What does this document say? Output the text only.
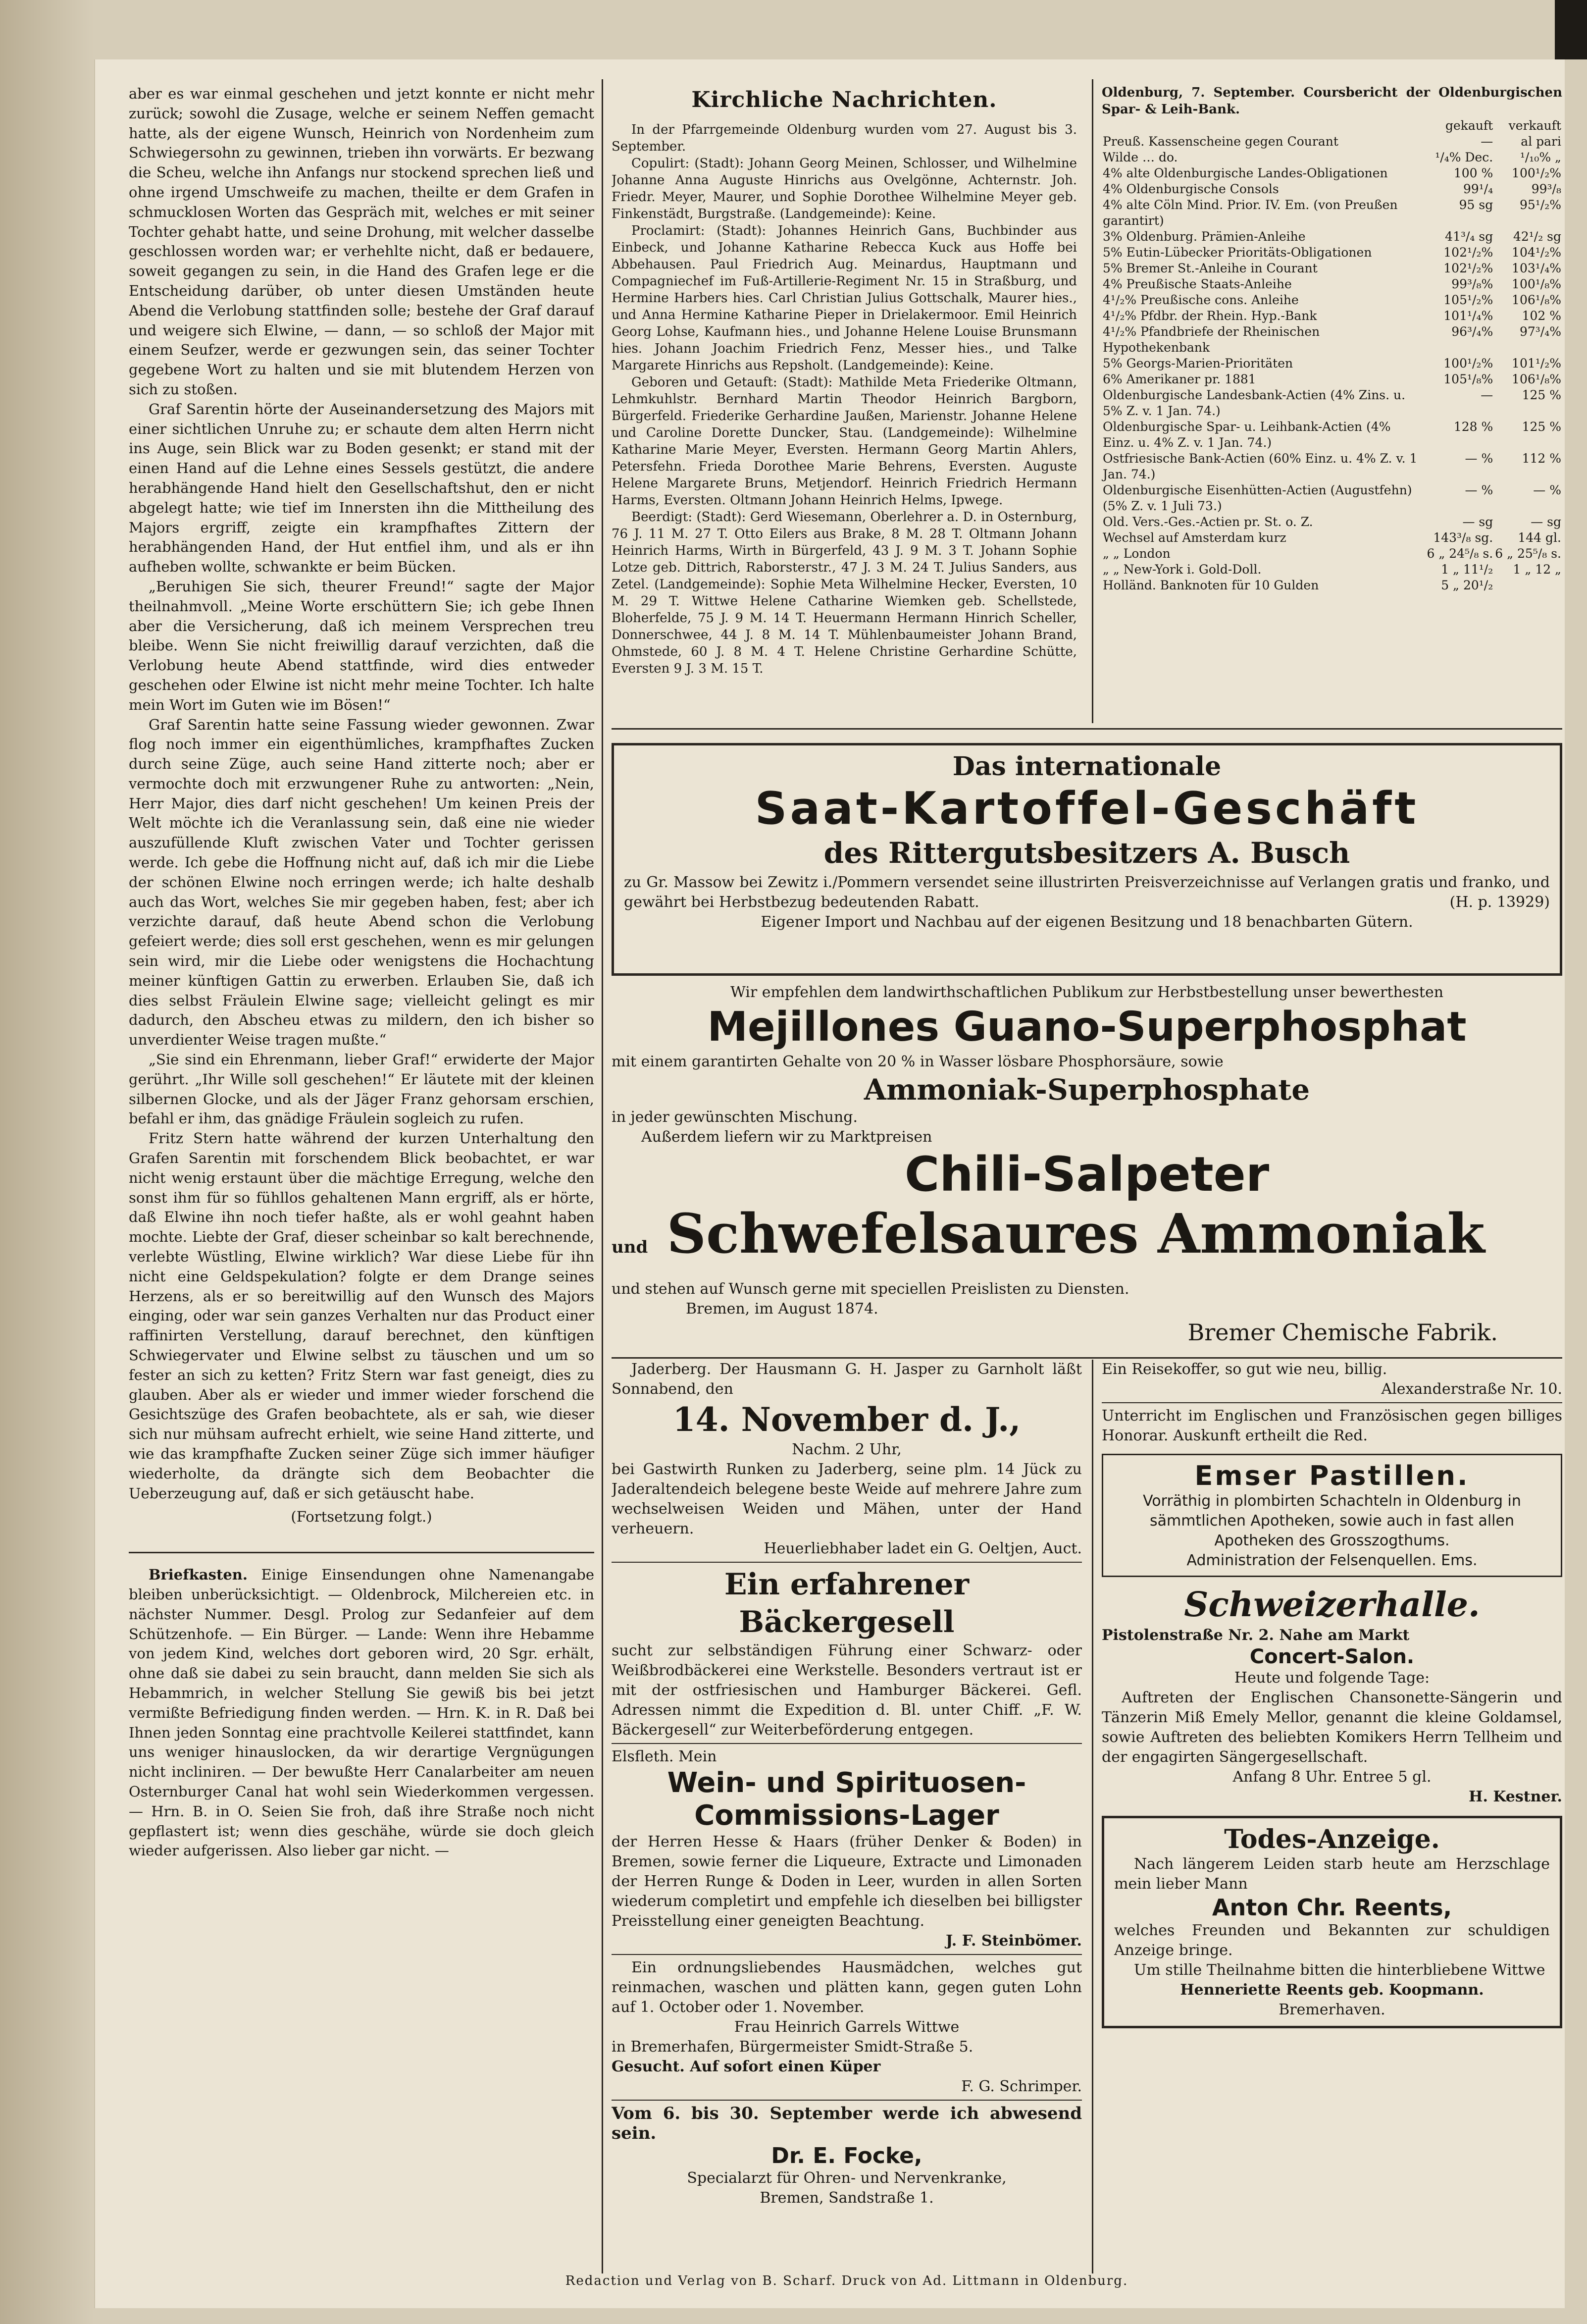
aber es war einmal geschehen und jetzt konnte er nicht mehr zurück; sowohl die Zusage, welche er seinem Neffen gemacht hatte, als der eigene Wunsch, Heinrich von Nordenheim zum Schwiegersohn zu gewinnen, trieben ihn vorwärts. Er bezwang die Scheu, welche ihn Anfangs nur stockend sprechen ließ und ohne irgend Umschweife zu machen, theilte er dem Grafen in schmucklosen Worten das Gespräch mit, welches er mit seiner Tochter gehabt hatte, und seine Drohung, mit welcher dasselbe geschlossen worden war; er verhehlte nicht, daß er bedauere, soweit gegangen zu sein, in die Hand des Grafen lege er die Entscheidung darüber, ob unter diesen Umständen heute Abend die Verlobung stattfinden solle; bestehe der Graf darauf und weigere sich Elwine, — dann, — so schloß der Major mit einem Seufzer, werde er gezwungen sein, das seiner Tochter gegebene Wort zu halten und sie mit blutendem Herzen von sich zu stoßen.

Graf Sarentin hörte der Auseinandersetzung des Majors mit einer sichtlichen Unruhe zu; er schaute dem alten Herrn nicht ins Auge, sein Blick war zu Boden gesenkt; er stand mit der einen Hand auf die Lehne eines Sessels gestützt, die andere herabhängende Hand hielt den Gesellschaftshut, den er nicht abgelegt hatte; wie tief im Innersten ihn die Mittheilung des Majors ergriff, zeigte ein krampfhaftes Zittern der herabhängenden Hand, der Hut entfiel ihm, und als er ihn aufheben wollte, schwankte er beim Bücken.

„Beruhigen Sie sich, theurer Freund!“ sagte der Major theilnahmvoll. „Meine Worte erschüttern Sie; ich gebe Ihnen aber die Versicherung, daß ich meinem Versprechen treu bleibe. Wenn Sie nicht freiwillig darauf verzichten, daß die Verlobung heute Abend stattfinde, wird dies entweder geschehen oder Elwine ist nicht mehr meine Tochter. Ich halte mein Wort im Guten wie im Bösen!“

Graf Sarentin hatte seine Fassung wieder gewonnen. Zwar flog noch immer ein eigenthümliches, krampfhaftes Zucken durch seine Züge, auch seine Hand zitterte noch; aber er vermochte doch mit erzwungener Ruhe zu antworten: „Nein, Herr Major, dies darf nicht geschehen! Um keinen Preis der Welt möchte ich die Veranlassung sein, daß eine nie wieder auszufüllende Kluft zwischen Vater und Tochter gerissen werde. Ich gebe die Hoffnung nicht auf, daß ich mir die Liebe der schönen Elwine noch erringen werde; ich halte deshalb auch das Wort, welches Sie mir gegeben haben, fest; aber ich verzichte darauf, daß heute Abend schon die Verlobung gefeiert werde; dies soll erst geschehen, wenn es mir gelungen sein wird, mir die Liebe oder wenigstens die Hochachtung meiner künftigen Gattin zu erwerben. Erlauben Sie, daß ich dies selbst Fräulein Elwine sage; vielleicht gelingt es mir dadurch, den Abscheu etwas zu mildern, den ich bisher so unverdienter Weise tragen mußte.“

„Sie sind ein Ehrenmann, lieber Graf!“ erwiderte der Major gerührt. „Ihr Wille soll geschehen!“ Er läutete mit der kleinen silbernen Glocke, und als der Jäger Franz gehorsam erschien, befahl er ihm, das gnädige Fräulein sogleich zu rufen.

Fritz Stern hatte während der kurzen Unterhaltung den Grafen Sarentin mit forschendem Blick beobachtet, er war nicht wenig erstaunt über die mächtige Erregung, welche den sonst ihm für so fühllos gehaltenen Mann ergriff, als er hörte, daß Elwine ihn noch tiefer haßte, als er wohl geahnt haben mochte. Liebte der Graf, dieser scheinbar so kalt berechnende, verlebte Wüstling, Elwine wirklich? War diese Liebe für ihn nicht eine Geldspekulation? folgte er dem Drange seines Herzens, als er so bereitwillig auf den Wunsch des Majors einging, oder war sein ganzes Verhalten nur das Product einer raffinirten Verstellung, darauf berechnet, den künftigen Schwiegervater und Elwine selbst zu täuschen und um so fester an sich zu ketten? Fritz Stern war fast geneigt, dies zu glauben. Aber als er wieder und immer wieder forschend die Gesichtszüge des Grafen beobachtete, als er sah, wie dieser sich nur mühsam aufrecht erhielt, wie seine Hand zitterte, und wie das krampfhafte Zucken seiner Züge sich immer häufiger wiederholte, da drängte sich dem Beobachter die Ueberzeugung auf, daß er sich getäuscht habe.

(Fortsetzung folgt.)

Briefkasten. Einige Einsendungen ohne Namenangabe bleiben unberücksichtigt. — Oldenbrock, Milchereien etc. in nächster Nummer. Desgl. Prolog zur Sedanfeier auf dem Schützenhofe. — Ein Bürger. — Lande: Wenn ihre Hebamme von jedem Kind, welches dort geboren wird, 20 Sgr. erhält, ohne daß sie dabei zu sein braucht, dann melden Sie sich als Hebammrich, in welcher Stellung Sie gewiß bis bei jetzt vermißte Befriedigung finden werden. — Hrn. K. in R. Daß bei Ihnen jeden Sonntag eine prachtvolle Keilerei stattfindet, kann uns weniger hinauslocken, da wir derartige Vergnügungen nicht incliniren. — Der bewußte Herr Canalarbeiter am neuen Osternburger Canal hat wohl sein Wiederkommen vergessen. — Hrn. B. in O. Seien Sie froh, daß ihre Straße noch nicht gepflastert ist; wenn dies geschähe, würde sie doch gleich wieder aufgerissen. Also lieber gar nicht. —

Kirchliche Nachrichten.

In der Pfarrgemeinde Oldenburg wurden vom 27. August bis 3. September.

Copulirt: (Stadt): Johann Georg Meinen, Schlosser, und Wilhelmine Johanne Anna Auguste Hinrichs aus Ovelgönne, Achternstr. Joh. Friedr. Meyer, Maurer, und Sophie Dorothee Wilhelmine Meyer geb. Finkenstädt, Burgstraße. (Landgemeinde): Keine.

Proclamirt: (Stadt): Johannes Heinrich Gans, Buchbinder aus Einbeck, und Johanne Katharine Rebecca Kuck aus Hoffe bei Abbehausen. Paul Friedrich Aug. Meinardus, Hauptmann und Compagniechef im Fuß-Artillerie-Regiment Nr. 15 in Straßburg, und Hermine Harbers hies. Carl Christian Julius Gottschalk, Maurer hies., und Anna Hermine Katharine Pieper in Drielakermoor. Emil Heinrich Georg Lohse, Kaufmann hies., und Johanne Helene Louise Brunsmann hies. Johann Joachim Friedrich Fenz, Messer hies., und Talke Margarete Hinrichs aus Repsholt. (Landgemeinde): Keine.

Geboren und Getauft: (Stadt): Mathilde Meta Friederike Oltmann, Lehmkuhlstr. Bernhard Martin Theodor Heinrich Bargborn, Bürgerfeld. Friederike Gerhardine Jaußen, Marienstr. Johanne Helene und Caroline Dorette Duncker, Stau. (Landgemeinde): Wilhelmine Katharine Marie Meyer, Eversten. Hermann Georg Martin Ahlers, Petersfehn. Frieda Dorothee Marie Behrens, Eversten. Auguste Helene Margarete Bruns, Metjendorf. Heinrich Friedrich Hermann Harms, Eversten. Oltmann Johann Heinrich Helms, Ipwege.

Beerdigt: (Stadt): Gerd Wiesemann, Oberlehrer a. D. in Osternburg, 76 J. 11 M. 27 T. Otto Eilers aus Brake, 8 M. 28 T. Oltmann Johann Heinrich Harms, Wirth in Bürgerfeld, 43 J. 9 M. 3 T. Johann Sophie Lotze geb. Dittrich, Raborsterstr., 47 J. 3 M. 24 T. Julius Sanders, aus Zetel. (Landgemeinde): Sophie Meta Wilhelmine Hecker, Eversten, 10 M. 29 T. Wittwe Helene Catharine Wiemken geb. Schellstede, Bloherfelde, 75 J. 9 M. 14 T. Heuermann Hermann Hinrich Scheller, Donnerschwee, 44 J. 8 M. 14 T. Mühlenbaumeister Johann Brand, Ohmstede, 60 J. 8 M. 4 T. Helene Christine Gerhardine Schütte, Eversten 9 J. 3 M. 15 T.

Oldenburg, 7. September. Coursbericht der Oldenburgischen Spar- & Leih-Bank.

	gekauft	verkauft
Preuß. Kassenscheine gegen Courant	—	al pari
Wilde … do.	¹/₄% Dec.	¹/₁₀% „
4% alte Oldenburgische Landes-Obligationen	100 %	100¹/₂%
4% Oldenburgische Consols	99¹/₄	99³/₈
4% alte Cöln Mind. Prior. IV. Em. (von Preußen garantirt)	95 sg	95¹/₂%
3% Oldenburg. Prämien-Anleihe	41³/₄ sg	42¹/₂ sg
5% Eutin-Lübecker Prioritäts-Obligationen	102¹/₂%	104¹/₂%
5% Bremer St.-Anleihe in Courant	102¹/₂%	103¹/₄%
4% Preußische Staats-Anleihe	99³/₈%	100¹/₈%
4¹/₂% Preußische cons. Anleihe	105¹/₂%	106¹/₈%
4¹/₂% Pfdbr. der Rhein. Hyp.-Bank	101¹/₄%	102 %
4¹/₂% Pfandbriefe der Rheinischen Hypothekenbank	96³/₄%	97³/₄%
5% Georgs-Marien-Prioritäten	100¹/₂%	101¹/₂%
6% Amerikaner pr. 1881	105¹/₈%	106¹/₈%
Oldenburgische Landesbank-Actien (4% Zins. u. 5% Z. v. 1 Jan. 74.)	—	125 %
Oldenburgische Spar- u. Leihbank-Actien (4% Einz. u. 4% Z. v. 1 Jan. 74.)	128 %	125 %
Ostfriesische Bank-Actien (60% Einz. u. 4% Z. v. 1 Jan. 74.)	— %	112 %
Oldenburgische Eisenhütten-Actien (Augustfehn) (5% Z. v. 1 Juli 73.)	— %	— %
Old. Vers.-Ges.-Actien pr. St. o. Z.	— sg	— sg
Wechsel auf Amsterdam kurz	143³/₈ sg.	144 gl.
„ „ London	6 „ 24⁵/₈ s.	6 „ 25⁵/₈ s.
„ „ New-York i. Gold-Doll.	1 „ 11¹/₂	1 „ 12 „
Holländ. Banknoten für 10 Gulden	5 „ 20¹/₂	
Das internationale
Saat-Kartoffel-Geschäft
des Rittergutsbesitzers A. Busch

zu Gr. Massow bei Zewitz i./Pommern versendet seine illustrirten Preisverzeichnisse auf Verlangen gratis und franko, und gewährt bei Herbstbezug bedeutenden Rabatt.	(H. p. 13929)

Eigener Import und Nachbau auf der eigenen Besitzung und 18 benachbarten Gütern.

Wir empfehlen dem landwirthschaftlichen Publikum zur Herbstbestellung unser bewerthesten

Mejillones Guano-Superphosphat

mit einem garantirten Gehalte von 20 % in Wasser lösbare Phosphorsäure, sowie

Ammoniak-Superphosphate

in jeder gewünschten Mischung.

Außerdem liefern wir zu Marktpreisen

Chili-Salpeter
und Schwefelsaures Ammoniak

und stehen auf Wunsch gerne mit speciellen Preislisten zu Diensten.

Bremen, im August 1874.

Bremer Chemische Fabrik.

Jaderberg. Der Hausmann G. H. Jasper zu Garnholt läßt Sonnabend, den

14. November d. J.,

Nachm. 2 Uhr,

bei Gastwirth Runken zu Jaderberg, seine plm. 14 Jück zu Jaderaltendeich belegene beste Weide auf mehrere Jahre zum wechselweisen Weiden und Mähen, unter der Hand verheuern.

Heuerliebhaber ladet ein G. Oeltjen, Auct.

Ein erfahrener Bäckergesell

sucht zur selbständigen Führung einer Schwarz- oder Weißbrodbäckerei eine Werkstelle. Besonders vertraut ist er mit der ostfriesischen und Hamburger Bäckerei. Gefl. Adressen nimmt die Expedition d. Bl. unter Chiff. „F. W. Bäckergesell“ zur Weiterbeförderung entgegen.

Elsfleth. Mein

Wein- und Spirituosen-Commissions-Lager

der Herren Hesse & Haars (früher Denker & Boden) in Bremen, sowie ferner die Liqueure, Extracte und Limonaden der Herren Runge & Doden in Leer, wurden in allen Sorten wiederum completirt und empfehle ich dieselben bei billigster Preisstellung einer geneigten Beachtung.

J. F. Steinbömer.

Ein ordnungsliebendes Hausmädchen, welches gut reinmachen, waschen und plätten kann, gegen guten Lohn auf 1. October oder 1. November.

Frau Heinrich Garrels Wittwe

in Bremerhafen, Bürgermeister Smidt-Straße 5.

Gesucht. Auf sofort einen Küper

F. G. Schrimper.

Vom 6. bis 30. September werde ich abwesend sein.

Dr. E. Focke,

Specialarzt für Ohren- und Nervenkranke,

Bremen, Sandstraße 1.

Ein Reisekoffer, so gut wie neu, billig.

Alexanderstraße Nr. 10.

Unterricht im Englischen und Französischen gegen billiges Honorar. Auskunft ertheilt die Red.

Emser Pastillen.

Vorräthig in plombirten Schachteln in Oldenburg in sämmtlichen Apotheken, sowie auch in fast allen Apotheken des Grosszogthums.

Administration der Felsenquellen. Ems.

Schweizerhalle.

Pistolenstraße Nr. 2. Nahe am Markt

Concert-Salon.

Heute und folgende Tage:

Auftreten der Englischen Chansonette-Sängerin und Tänzerin Miß Emely Mellor, genannt die kleine Goldamsel, sowie Auftreten des beliebten Komikers Herrn Tellheim und der engagirten Sängergesellschaft.

Anfang 8 Uhr. Entree 5 gl.

H. Kestner.

Todes-Anzeige.

Nach längerem Leiden starb heute am Herzschlage mein lieber Mann

Anton Chr. Reents,

welches Freunden und Bekannten zur schuldigen Anzeige bringe.

Um stille Theilnahme bitten die hinterbliebene Wittwe

Henneriette Reents geb. Koopmann.

Bremerhaven.

Redaction und Verlag von B. Scharf. Druck von Ad. Littmann in Oldenburg.
